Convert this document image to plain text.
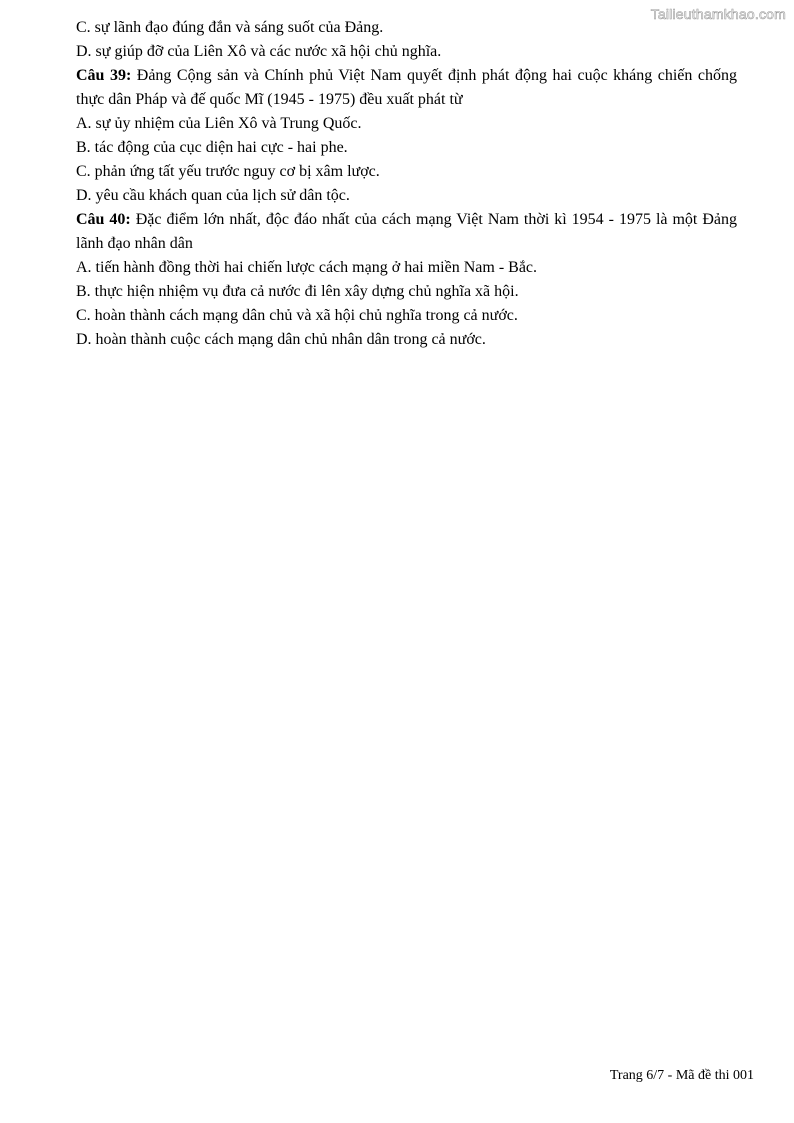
Tailieuthamkhao.com

C. sự lãnh đạo đúng đắn và sáng suốt của Đảng.

D. sự giúp đỡ của Liên Xô và các nước xã hội chủ nghĩa.

Câu 39: Đảng Cộng sản và Chính phủ Việt Nam quyết định phát động hai cuộc kháng chiến chống thực dân Pháp và đế quốc Mĩ (1945 - 1975) đều xuất phát từ

A. sự ủy nhiệm của Liên Xô và Trung Quốc.

B. tác động của cục diện hai cực - hai phe.

C. phản ứng tất yếu trước nguy cơ bị xâm lược.

D. yêu cầu khách quan của lịch sử dân tộc.

Câu 40: Đặc điểm lớn nhất, độc đáo nhất của cách mạng Việt Nam thời kì 1954 - 1975 là một Đảng lãnh đạo nhân dân

A. tiến hành đồng thời hai chiến lược cách mạng ở hai miền Nam - Bắc.

B. thực hiện nhiệm vụ đưa cả nước đi lên xây dựng chủ nghĩa xã hội.

C. hoàn thành cách mạng dân chủ và xã hội chủ nghĩa trong cả nước.

D. hoàn thành cuộc cách mạng dân chủ nhân dân trong cả nước.

Trang 6/7 - Mã đề thi 001
